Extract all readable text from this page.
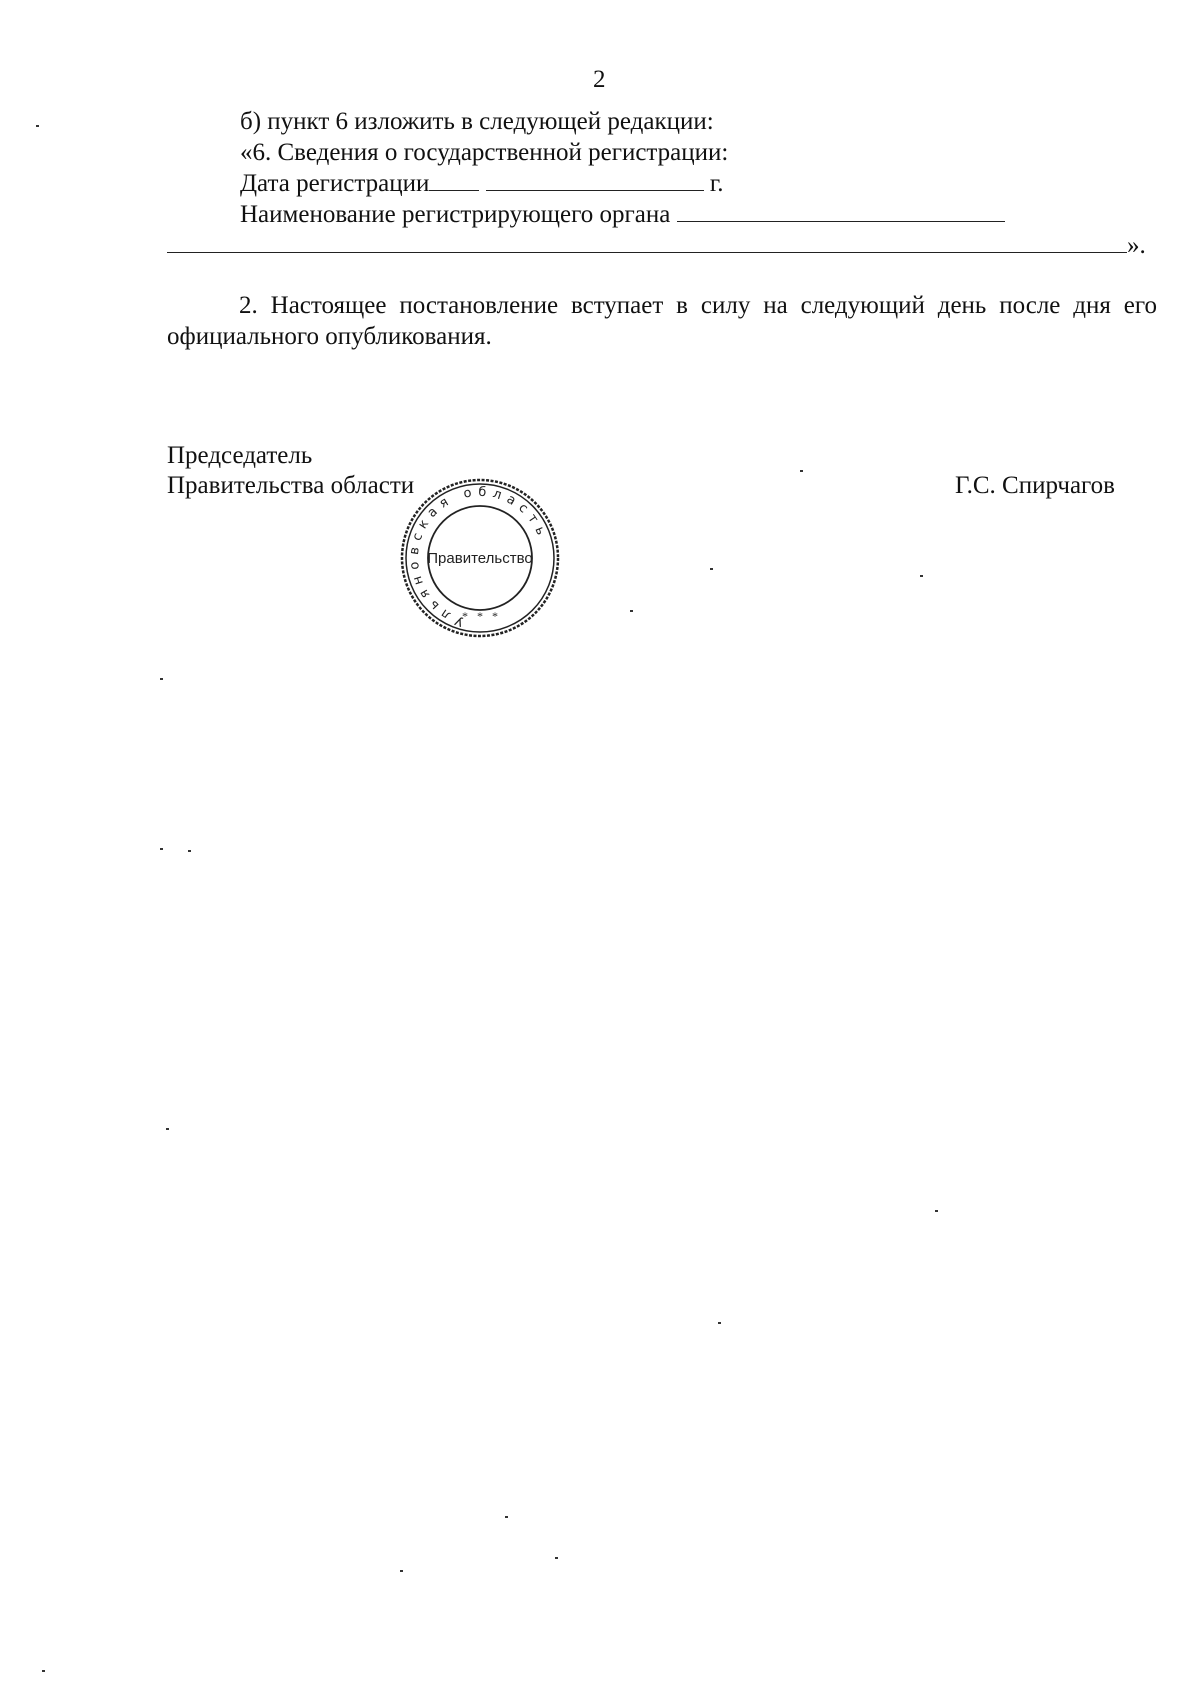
2
б) пункт 6 изложить в следующей редакции:
«6. Сведения о государственной регистрации:
Дата регистрации	г.
Наименование регистрирующего органа
».
2. Настоящее постановление вступает в силу на следующий день после дня его официального опубликования.
Председатель
Правительства области	Г.С. Спирчагов
Ульяновская область
Правительство
*   *   *
